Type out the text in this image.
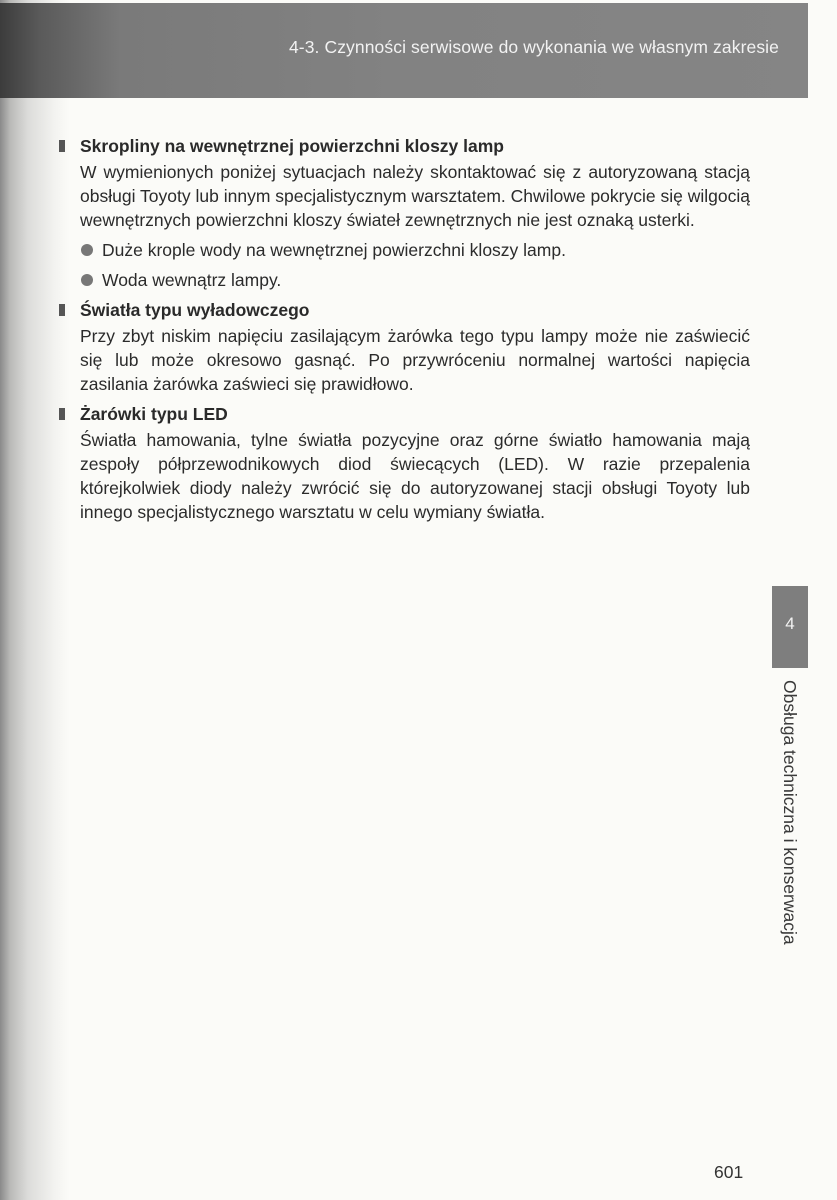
4-3. Czynności serwisowe do wykonania we własnym zakresie
Skropliny na wewnętrznej powierzchni kloszy lamp

W wymienionych poniżej sytuacjach należy skontaktować się z autoryzowaną stacją obsługi Toyoty lub innym specjalistycznym warsztatem. Chwilowe pokrycie się wilgocią wewnętrznych powierzchni kloszy świateł zewnętrznych nie jest oznaką usterki.

Duże krople wody na wewnętrznej powierzchni kloszy lamp.
Woda wewnątrz lampy.
Światła typu wyładowczego

Przy zbyt niskim napięciu zasilającym żarówka tego typu lampy może nie zaświecić się lub może okresowo gasnąć. Po przywróceniu normalnej wartości napięcia zasilania żarówka zaświeci się prawidłowo.

Żarówki typu LED

Światła hamowania, tylne światła pozycyjne oraz górne światło hamowania mają zespoły półprzewodnikowych diod świecących (LED). W razie przepalenia którejkolwiek diody należy zwrócić się do autoryzowanej stacji obsługi Toyoty lub innego specjalistycznego warsztatu w celu wymiany światła.

4
Obsługa techniczna i konserwacja
601
